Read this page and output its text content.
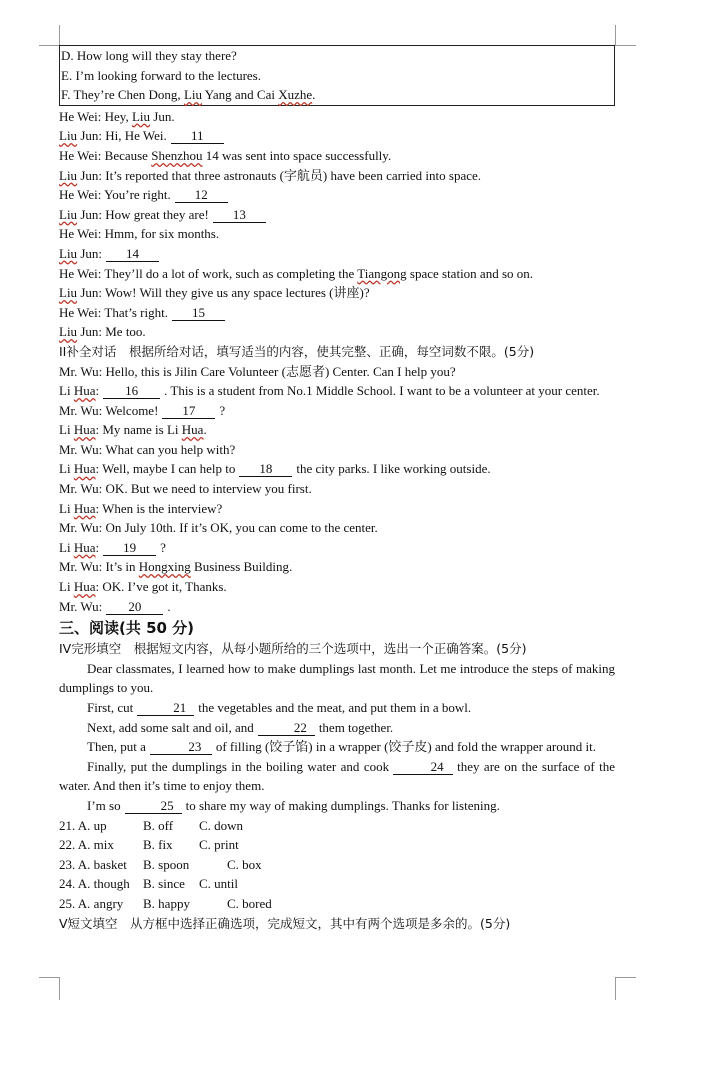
D. How long will they stay there?
E. I’m looking forward to the lectures.
F. They’re Chen Dong, Liu Yang and Cai Xuzhe.
He Wei: Hey, Liu Jun.
Liu Jun: Hi, He Wei. 11
He Wei: Because Shenzhou 14 was sent into space successfully.
Liu Jun: It’s reported that three astronauts (字航员) have been carried into space.
He Wei: You’re right. 12
Liu Jun: How great they are! 13
He Wei: Hmm, for six months.
Liu Jun: 14
He Wei: They’ll do a lot of work, such as completing the Tiangong space station and so on.
Liu Jun: Wow! Will they give us any space lectures (讲座)?
He Wei: That’s right. 15
Liu Jun: Me too.
II补全对话　根据所给对话，填写适当的内容，使其完整、正确，每空词数不限。(5分)
Mr. Wu: Hello, this is Jilin Care Volunteer (志愿者) Center. Can I help you?
Li Hua: 16 . This is a student from No.1 Middle School. I want to be a volunteer at your center.
Mr. Wu: Welcome! 17 ?
Li Hua: My name is Li Hua.
Mr. Wu: What can you help with?
Li Hua: Well, maybe I can help to 18 the city parks. I like working outside.
Mr. Wu: OK. But we need to interview you first.
Li Hua: When is the interview?
Mr. Wu: On July 10th. If it’s OK, you can come to the center.
Li Hua: 19 ?
Mr. Wu: It’s in Hongxing Business Building.
Li Hua: OK. I’ve got it, Thanks.
Mr. Wu: 20 .
三、阅读(共 50 分)
IV完形填空　根据短文内容，从每小题所给的三个选项中，选出一个正确答案。(5分)
Dear classmates, I learned how to make dumplings last month. Let me introduce the steps of making dumplings to you.
First, cut	21 the vegetables and the meat, and put them in a bowl.
Next, add some salt and oil, and	22 them together.
Then, put a	23 of filling (饺子馅) in a wrapper (饺子皮) and fold the wrapper around it.
Finally, put the dumplings in the boiling water and cook	24 they are on the surface of the water. And then it’s time to enjoy them.
I’m so	25 to share my way of making dumplings. Thanks for listening.
21. A. up	B. off C. down
22. A. mix B. fix C. print
23. A. basket B. spoon	C. box
24. A. though B. since C. until
25. A. angry B. happy	C. bored
V短文填空　从方框中选择正确选项，完成短文，其中有两个选项是多余的。(5分)
